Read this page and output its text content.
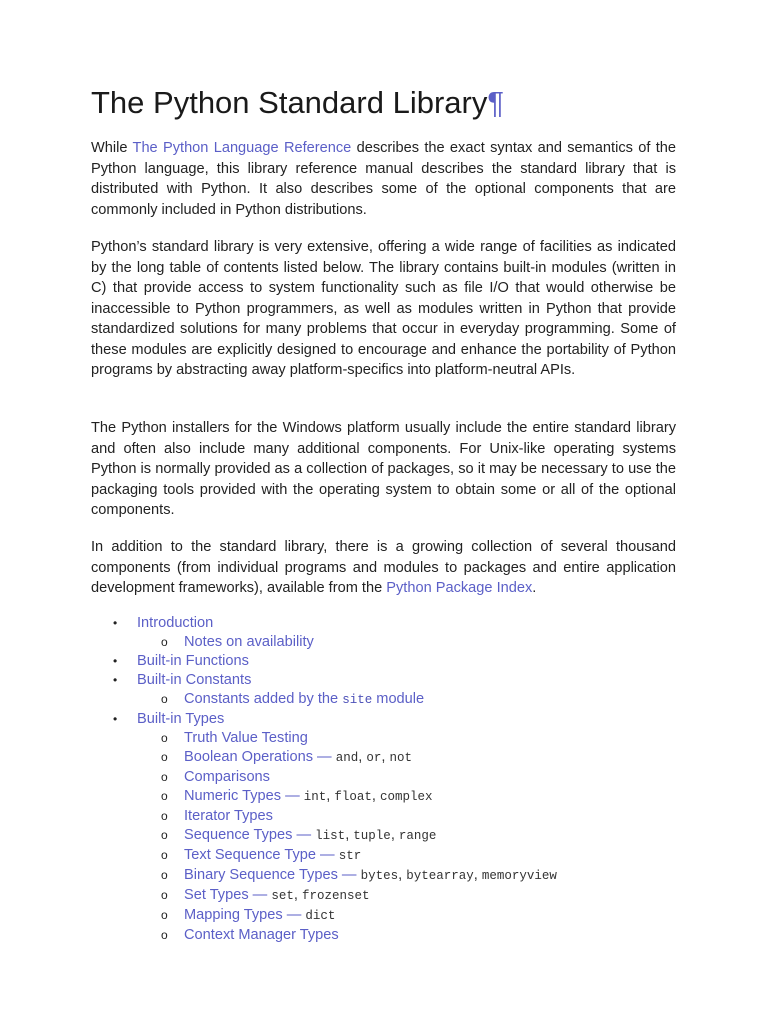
The Python Standard Library¶

While The Python Language Reference describes the exact syntax and semantics of the Python language, this library reference manual describes the standard library that is distributed with Python. It also describes some of the optional components that are commonly included in Python distributions.

Python’s standard library is very extensive, offering a wide range of facilities as indicated by the long table of contents listed below. The library contains built-in modules (written in C) that provide access to system functionality such as file I/O that would otherwise be inaccessible to Python programmers, as well as modules written in Python that provide standardized solutions for many problems that occur in everyday programming. Some of these modules are explicitly designed to encourage and enhance the portability of Python programs by abstracting away platform-specifics into platform-neutral APIs.

The Python installers for the Windows platform usually include the entire standard library and often also include many additional components. For Unix-like operating systems Python is normally provided as a collection of packages, so it may be necessary to use the packaging tools provided with the operating system to obtain some or all of the optional components.

In addition to the standard library, there is a growing collection of several thousand components (from individual programs and modules to packages and entire application development frameworks), available from the Python Package Index.

• Introduction
o Notes on availability
• Built-in Functions
• Built-in Constants
o Constants added by the site module
• Built-in Types
o Truth Value Testing
o Boolean Operations — and, or, not
o Comparisons
o Numeric Types — int, float, complex
o Iterator Types
o Sequence Types — list, tuple, range
o Text Sequence Type — str
o Binary Sequence Types — bytes, bytearray, memoryview
o Set Types — set, frozenset
o Mapping Types — dict
o Context Manager Types
